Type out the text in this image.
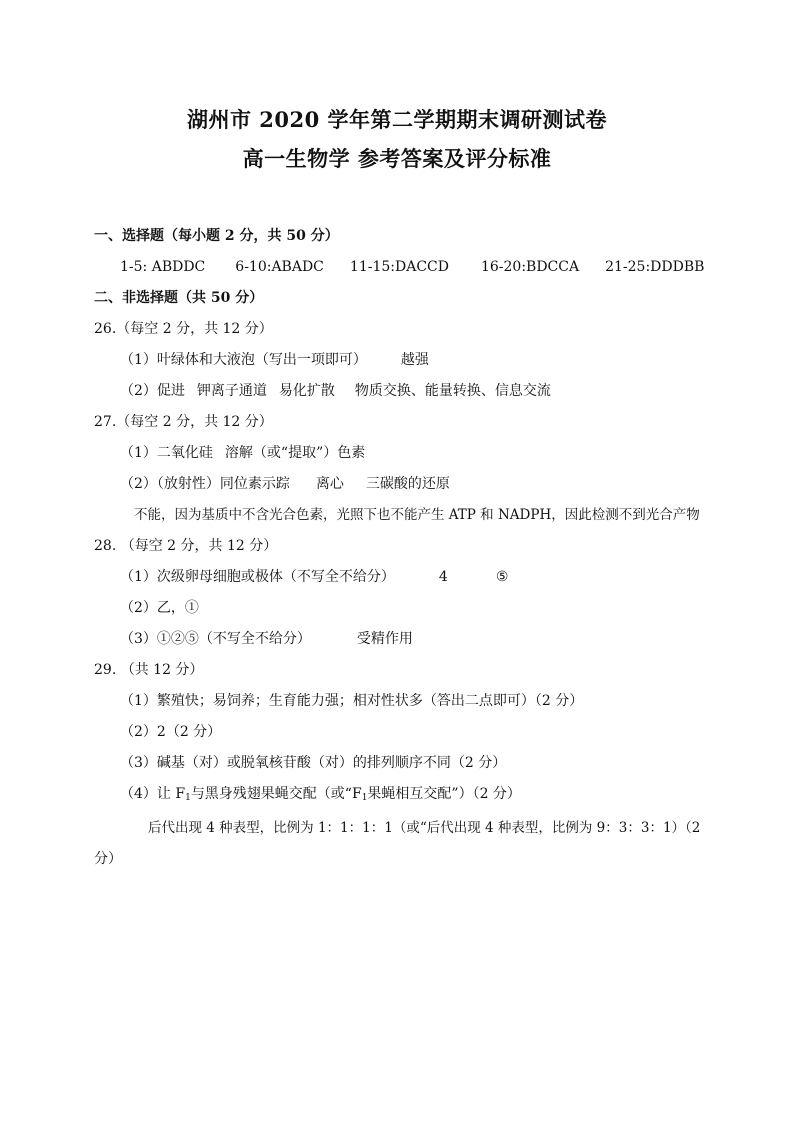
湖州市 2020 学年第二学期期末调研测试卷
高一生物学 参考答案及评分标准
一、选择题（每小题 2 分，共 50 分）
1-5: ABDDC 6-10:ABADC 11-15:DACCD 16-20:BDCCA 21-25:DDDBB
二、非选择题（共 50 分）
26.（每空 2 分，共 12 分）
（1）叶绿体和大液泡（写出一项即可） 越强
（2）促进 钾离子通道 易化扩散 物质交换、能量转换、信息交流
27.（每空 2 分，共 12 分）
（1）二氧化硅 溶解（或“提取”）色素
（2）（放射性）同位素示踪 离心 三碳酸的还原
不能，因为基质中不含光合色素，光照下也不能产生 ATP 和 NADPH，因此检测不到光合产物
28. （每空 2 分，共 12 分）
（1）次级卵母细胞或极体（不写全不给分）	4	⑤
（2）乙，①
（3）①②⑤（不写全不给分）	受精作用
29. （共 12 分）
（1）繁殖快；易饲养；生育能力强；相对性状多（答出二点即可）（2 分）
（2）2（2 分）
（3）碱基（对）或脱氧核苷酸（对）的排列顺序不同（2 分）
（4）让 $F_1$与黑身残翅果蝇交配（或“$F_1$果蝇相互交配”）（2 分）
后代出现 4 种表型，比例为 1：1：1：1（或“后代出现 4 种表型，比例为 9：3：3：1）（2
分）
